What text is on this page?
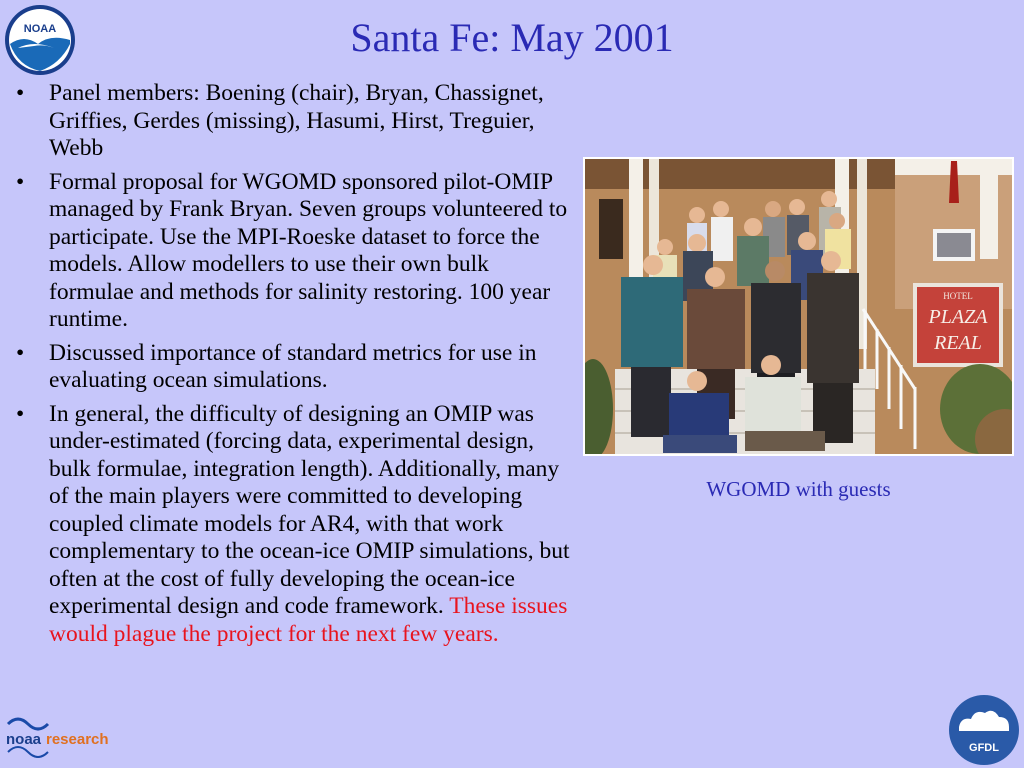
NOAA	Santa Fe: May 2001
• Panel members: Boening (chair), Bryan, Chassignet, Griffies, Gerdes (missing), Hasumi, Hirst, Treguier, Webb
• Formal proposal for WGOMD sponsored pilot-OMIP managed by Frank Bryan. Seven groups volunteered to participate. Use the MPI-Roeske dataset to force the models. Allow modellers to use their own bulk formulae and methods for salinity restoring. 100 year runtime.
• Discussed importance of standard metrics for use in evaluating ocean simulations.
• In general, the difficulty of designing an OMIP was under-estimated (forcing data, experimental design, bulk formulae, integration length). Additionally, many of the main players were committed to developing coupled climate models for AR4, with that work complementary to the ocean-ice OMIP simulations, but often at the cost of fully developing the ocean-ice experimental design and code framework. These issues would plague the project for the next few years.
HOTEL
PLAZA
REAL
WGOMD with guests
noaa research	GFDL
